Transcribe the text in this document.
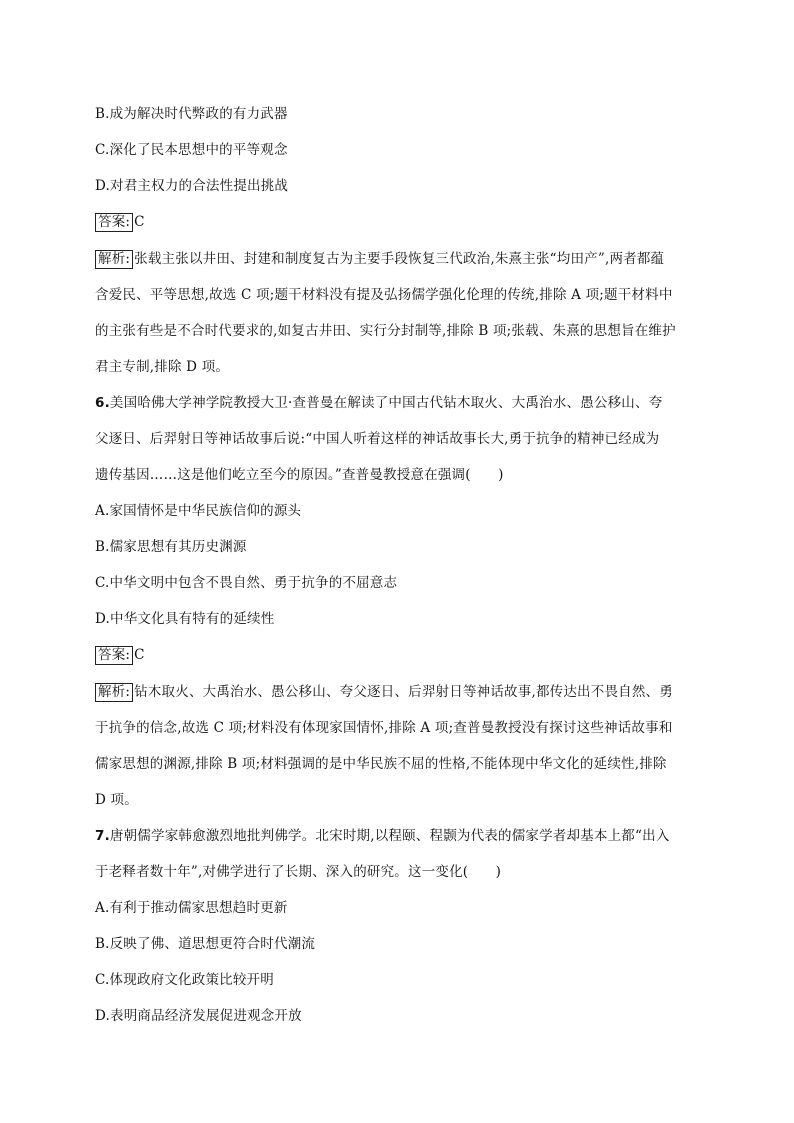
B.成为解决时代弊政的有力武器
C.深化了民本思想中的平等观念
D.对君主权力的合法性提出挑战
答案: C
解析: 张载主张以井田、封建和制度复古为主要手段恢复三代政治,朱熹主张“均田产”,两者都蕴
含爱民、平等思想,故选 C 项;题干材料没有提及弘扬儒学强化伦理的传统,排除 A 项;题干材料中
的主张有些是不合时代要求的,如复古井田、实行分封制等,排除 B 项;张载、朱熹的思想旨在维护
君主专制,排除 D 项。
6.美国哈佛大学神学院教授大卫·查普曼在解读了中国古代钻木取火、大禹治水、愚公移山、夸
父逐日、后羿射日等神话故事后说:“中国人听着这样的神话故事长大,勇于抗争的精神已经成为
遗传基因……这是他们屹立至今的原因。”查普曼教授意在强调(　　)
A.家国情怀是中华民族信仰的源头
B.儒家思想有其历史渊源
C.中华文明中包含不畏自然、勇于抗争的不屈意志
D.中华文化具有特有的延续性
答案: C
解析: 钻木取火、大禹治水、愚公移山、夸父逐日、后羿射日等神话故事,都传达出不畏自然、勇
于抗争的信念,故选 C 项;材料没有体现家国情怀,排除 A 项;查普曼教授没有探讨这些神话故事和
儒家思想的渊源,排除 B 项;材料强调的是中华民族不屈的性格,不能体现中华文化的延续性,排除
D 项。
7.唐朝儒学家韩愈激烈地批判佛学。北宋时期,以程颐、程颢为代表的儒家学者却基本上都“出入
于老释者数十年”,对佛学进行了长期、深入的研究。这一变化(　　)
A.有利于推动儒家思想趋时更新
B.反映了佛、道思想更符合时代潮流
C.体现政府文化政策比较开明
D.表明商品经济发展促进观念开放
